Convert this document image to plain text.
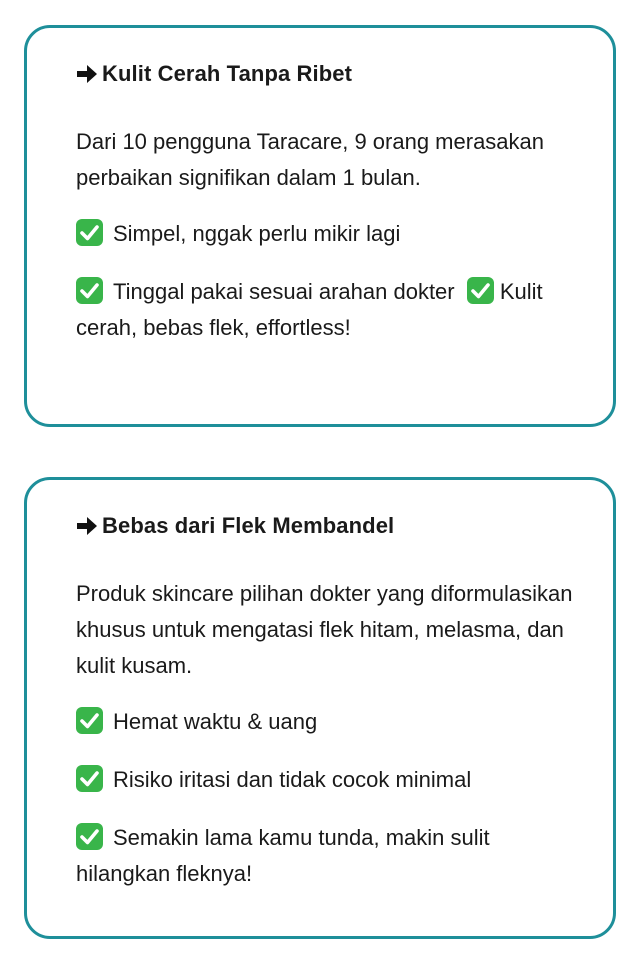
Kulit Cerah Tanpa Ribet

Dari 10 pengguna Taracare, 9 orang merasakan perbaikan signifikan dalam 1 bulan.

Simpel, nggak perlu mikir lagi

Tinggal pakai sesuai arahan dokter Kulit cerah, bebas flek, effortless!

Bebas dari Flek Membandel

Produk skincare pilihan dokter yang diformulasikan khusus untuk mengatasi flek hitam, melasma, dan kulit kusam.

Hemat waktu & uang

Risiko iritasi dan tidak cocok minimal

Semakin lama kamu tunda, makin sulit hilangkan fleknya!
